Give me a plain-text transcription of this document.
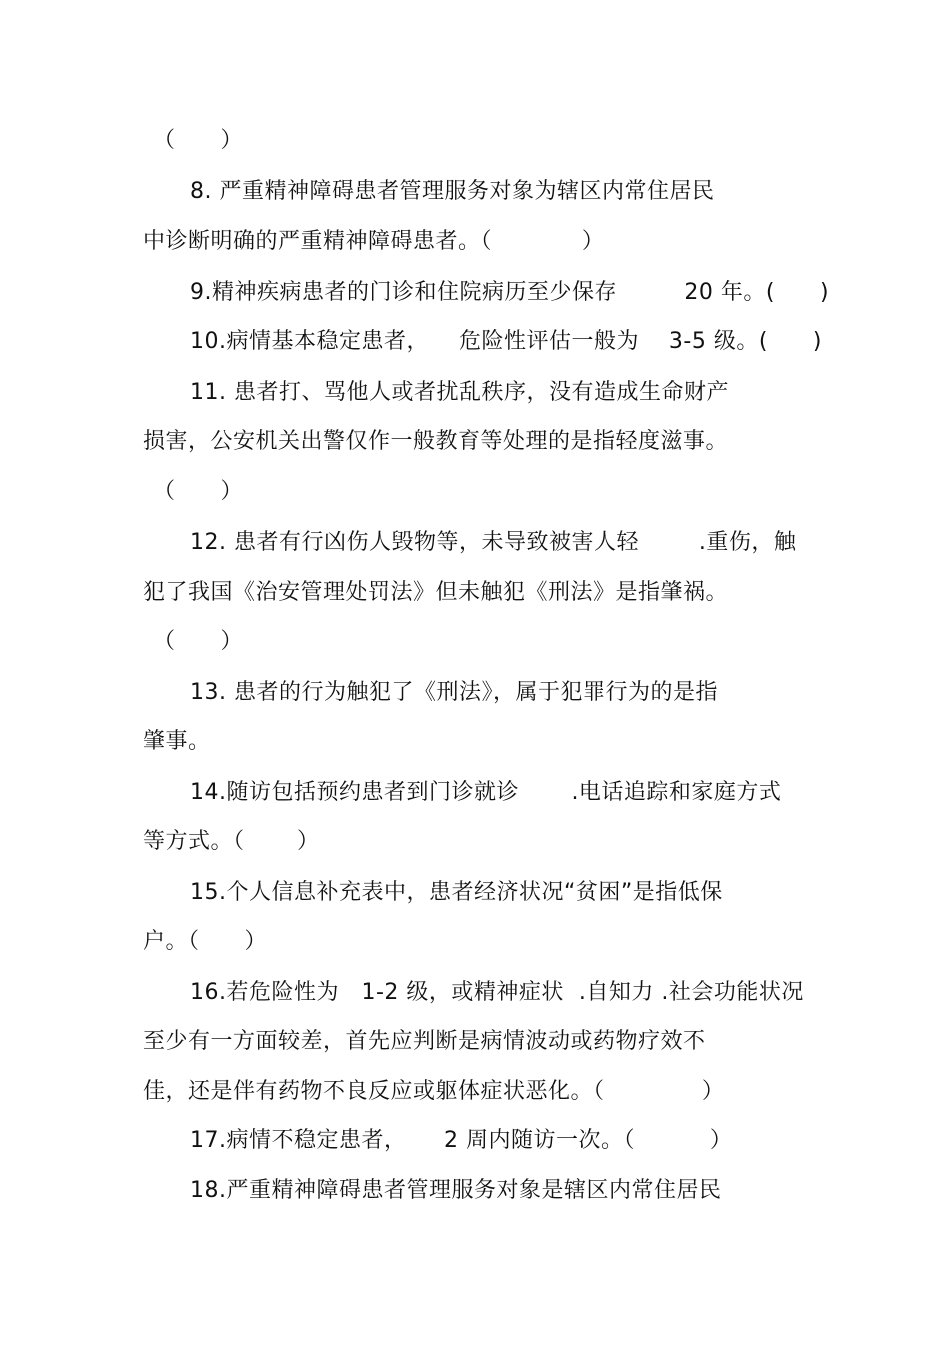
（      ）
8. 严重精神障碍患者管理服务对象为辖区内常住居民
中诊断明确的严重精神障碍患者。（            ）
9.精神疾病患者的门诊和住院病历至少保存         20 年。(      )
10.病情基本稳定患者，    危险性评估一般为    3-5 级。(      )
11. 患者打、骂他人或者扰乱秩序，没有造成生命财产
损害，公安机关出警仅作一般教育等处理的是指轻度滋事。
（      ）
12. 患者有行凶伤人毁物等，未导致被害人轻        .重伤，触
犯了我国《治安管理处罚法》但未触犯《刑法》是指肇祸。
（      ）
13. 患者的行为触犯了《刑法》，属于犯罪行为的是指
肇事。
14.随访包括预约患者到门诊就诊       .电话追踪和家庭方式
等方式。（       ）
15.个人信息补充表中，患者经济状况“贫困”是指低保
户。（      ）
16.若危险性为   1-2 级，或精神症状  .自知力 .社会功能状况
至少有一方面较差，首先应判断是病情波动或药物疗效不
佳，还是伴有药物不良反应或躯体症状恶化。（             ）
17.病情不稳定患者，     2 周内随访一次。（          ）
18.严重精神障碍患者管理服务对象是辖区内常住居民
